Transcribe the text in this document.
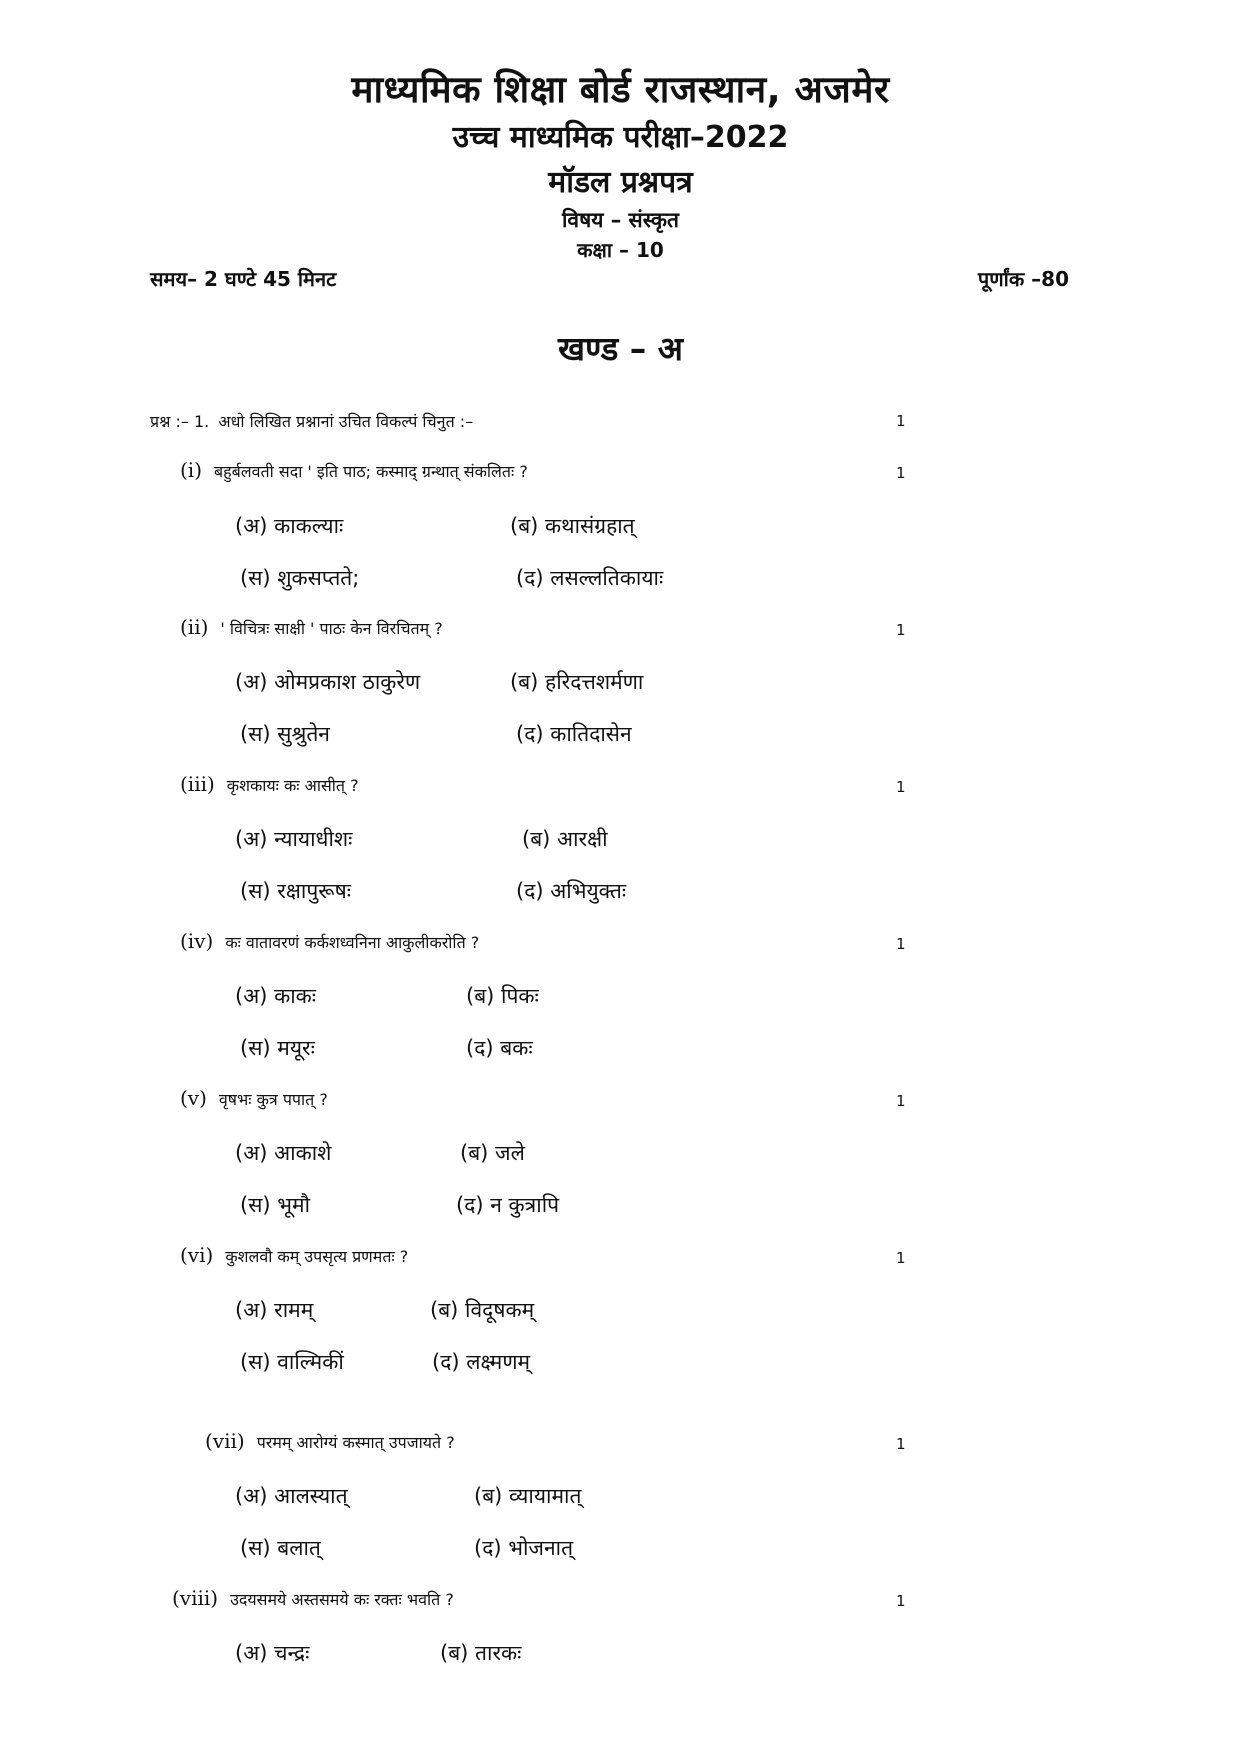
माध्यमिक शिक्षा बोर्ड राजस्थान, अजमेर
उच्च माध्यमिक परीक्षा–2022
मॉडल प्रश्नपत्र
विषय – संस्कृत
कक्षा – 10
समय– 2 घण्टे 45 मिनट	पूर्णांक –80
खण्ड – अ
प्रश्न :– 1. अधो लिखित प्रश्नानां उचित विकल्पं चिनुत :–	1
(i) बहुर्बलवती सदा ' इति पाठ; कस्माद् ग्रन्थात् संकलितः ?	1
(अ) काकल्याः	(ब) कथासंग्रहात्
(स) शुकसप्तते;	(द) लसल्लतिकायाः
(ii) ' विचित्रः साक्षी ' पाठः केन विरचितम् ?	1
(अ) ओमप्रकाश ठाकुरेण	(ब) हरिदत्तशर्मणा
(स) सुश्रुतेन	(द) कातिदासेन
(iii) कृशकायः कः आसीत् ?	1
(अ) न्यायाधीशः	(ब) आरक्षी
(स) रक्षापुरूषः	(द) अभियुक्तः
(iv) कः वातावरणं कर्कशध्वनिना आकुलीकरोति ?	1
(अ) काकः	(ब) पिकः
(स) मयूरः	(द) बकः
(v) वृषभः कुत्र पपात् ?	1
(अ) आकाशे	(ब) जले
(स) भूमौ	(द) न कुत्रापि
(vi) कुशलवौ कम् उपसृत्य प्रणमतः ?	1
(अ) रामम्	(ब) विदूषकम्
(स) वाल्मिकीं	(द) लक्ष्मणम्
(vii) परमम् आरोग्यं कस्मात् उपजायते ?	1
(अ) आलस्यात्	(ब) व्यायामात्
(स) बलात्	(द) भोजनात्
(viii) उदयसमये अस्तसमये कः रक्तः भवति ?	1
(अ) चन्द्रः	(ब) तारकः
